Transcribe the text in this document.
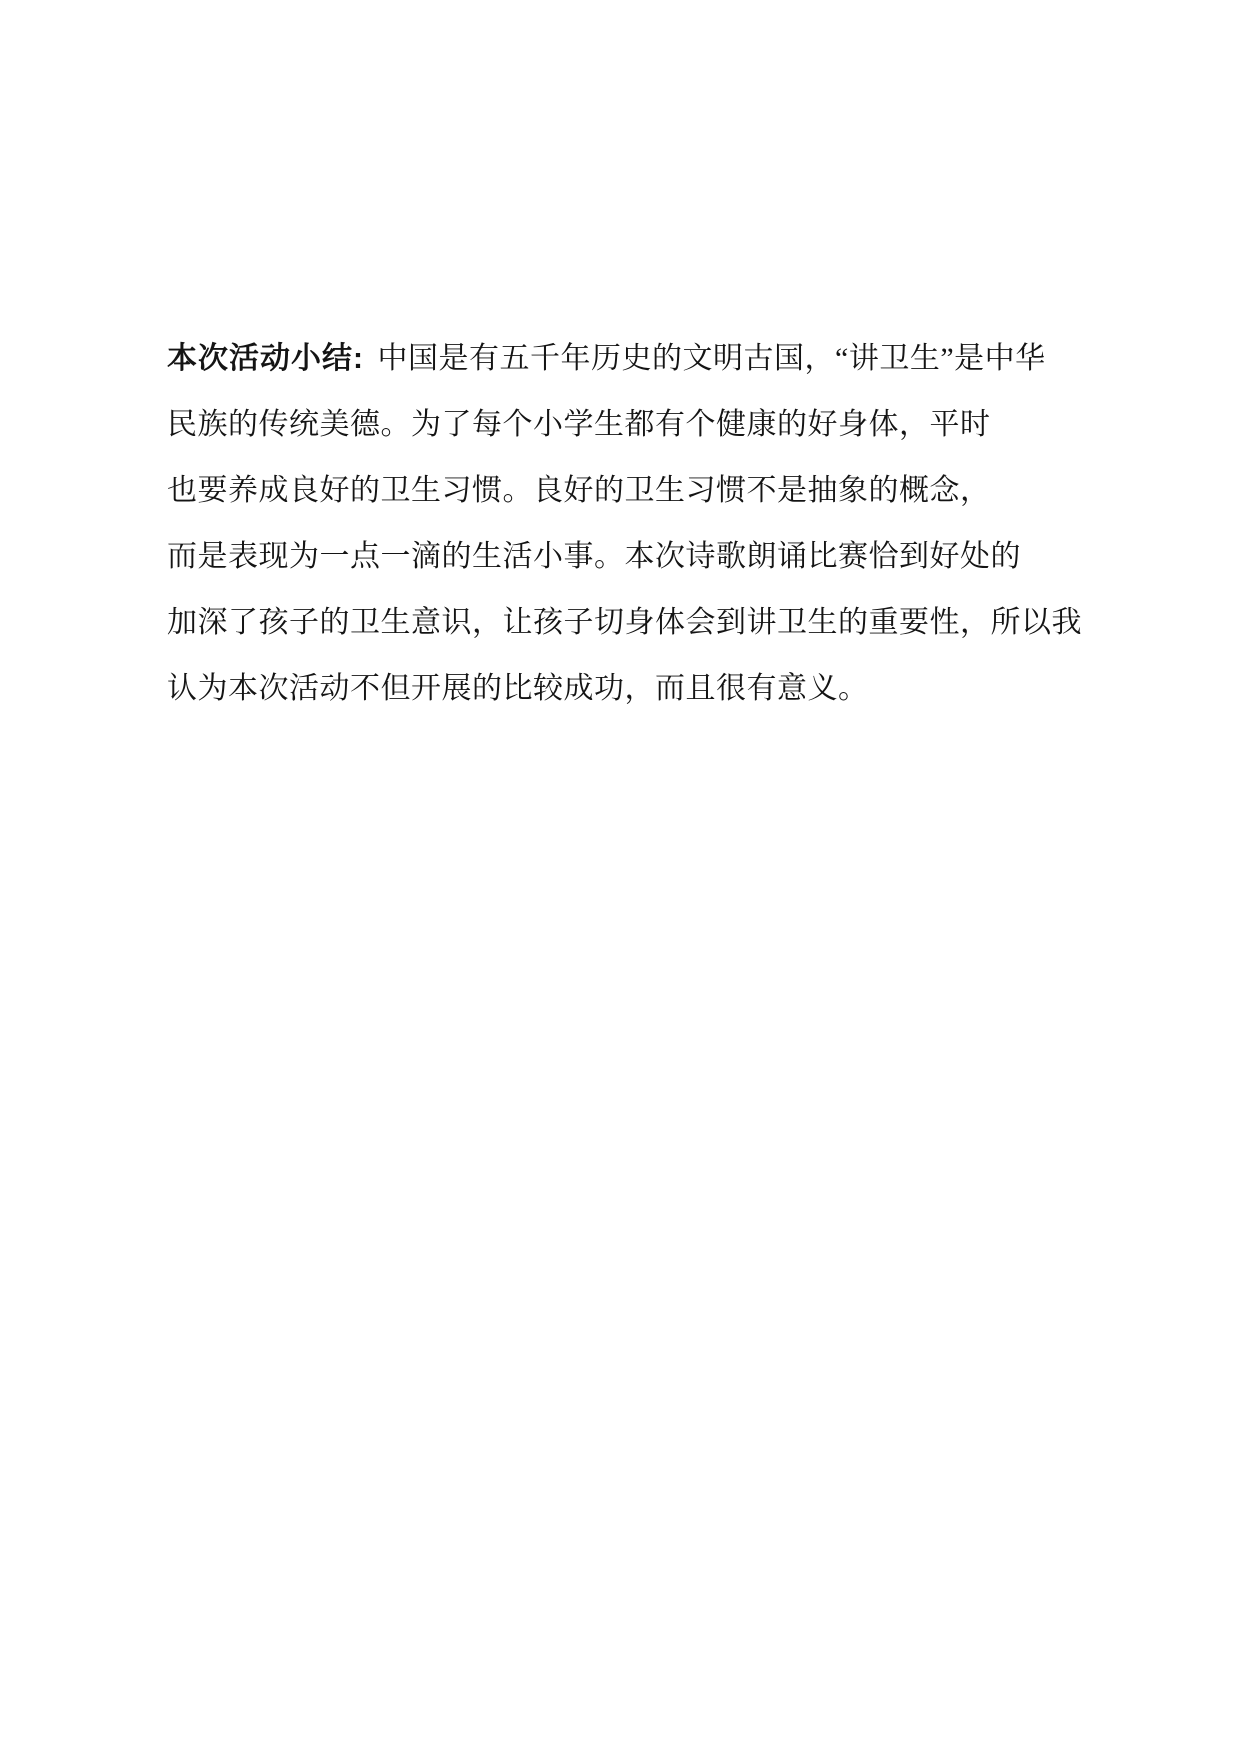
本次活动小结: 中国是有五千年历史的文明古国，“讲卫生”是中华
民族的传统美德。为了每个小学生都有个健康的好身体，平时
也要养成良好的卫生习惯。良好的卫生习惯不是抽象的概念，
而是表现为一点一滴的生活小事。本次诗歌朗诵比赛恰到好处的
加深了孩子的卫生意识，让孩子切身体会到讲卫生的重要性，所以我
认为本次活动不但开展的比较成功，而且很有意义。
